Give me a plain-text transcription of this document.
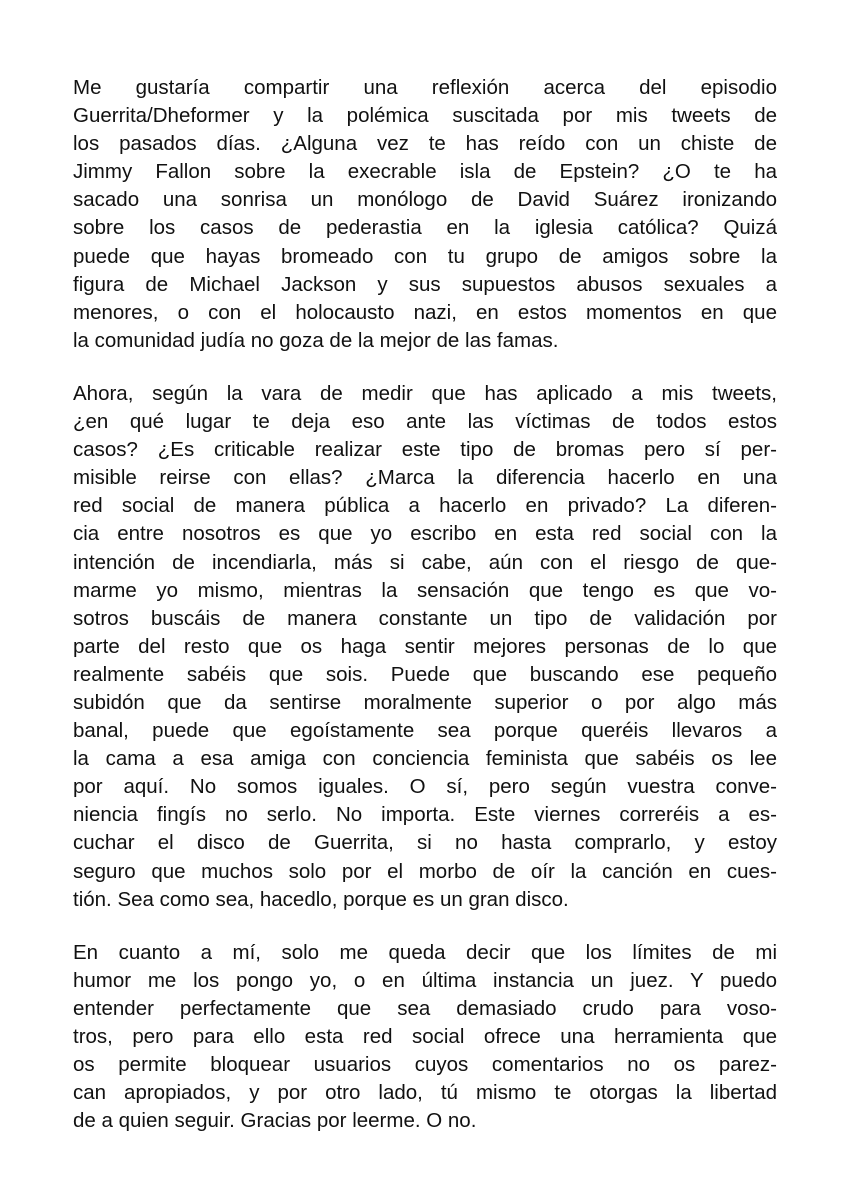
Me gustaría compartir una reflexión acerca del episodio
Guerrita/Dheformer y la polémica suscitada por mis tweets de
los pasados días. ¿Alguna vez te has reído con un chiste de
Jimmy Fallon sobre la execrable isla de Epstein? ¿O te ha
sacado una sonrisa un monólogo de David Suárez ironizando
sobre los casos de pederastia en la iglesia católica? Quizá
puede que hayas bromeado con tu grupo de amigos sobre la
figura de Michael Jackson y sus supuestos abusos sexuales a
menores, o con el holocausto nazi, en estos momentos en que
la comunidad judía no goza de la mejor de las famas.
Ahora, según la vara de medir que has aplicado a mis tweets,
¿en qué lugar te deja eso ante las víctimas de todos estos
casos? ¿Es criticable realizar este tipo de bromas pero sí per-
misible reirse con ellas? ¿Marca la diferencia hacerlo en una
red social de manera pública a hacerlo en privado? La diferen-
cia entre nosotros es que yo escribo en esta red social con la
intención de incendiarla, más si cabe, aún con el riesgo de que-
marme yo mismo, mientras la sensación que tengo es que vo-
sotros buscáis de manera constante un tipo de validación por
parte del resto que os haga sentir mejores personas de lo que
realmente sabéis que sois. Puede que buscando ese pequeño
subidón que da sentirse moralmente superior o por algo más
banal, puede que egoístamente sea porque queréis llevaros a
la cama a esa amiga con conciencia feminista que sabéis os lee
por aquí. No somos iguales. O sí, pero según vuestra conve-
niencia fingís no serlo. No importa. Este viernes correréis a es-
cuchar el disco de Guerrita, si no hasta comprarlo, y estoy
seguro que muchos solo por el morbo de oír la canción en cues-
tión. Sea como sea, hacedlo, porque es un gran disco.
En cuanto a mí, solo me queda decir que los límites de mi
humor me los pongo yo, o en última instancia un juez. Y puedo
entender perfectamente que sea demasiado crudo para voso-
tros, pero para ello esta red social ofrece una herramienta que
os permite bloquear usuarios cuyos comentarios no os parez-
can apropiados, y por otro lado, tú mismo te otorgas la libertad
de a quien seguir. Gracias por leerme. O no.
